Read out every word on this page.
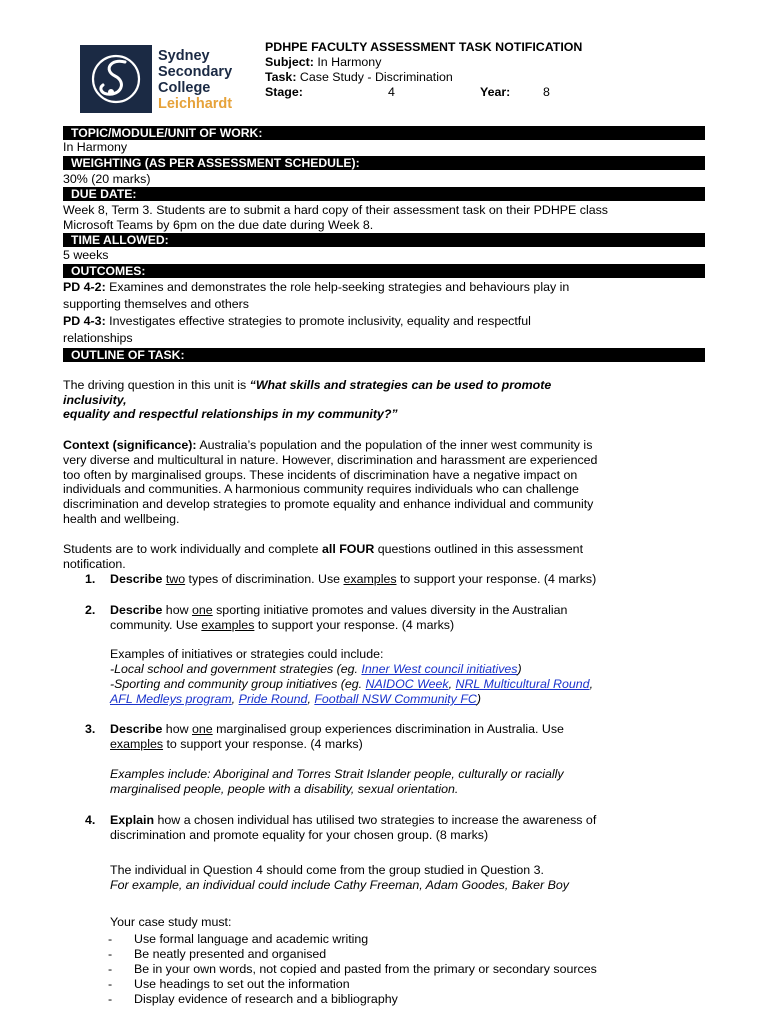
Sydney
Secondary
College
Leichhardt
PDHPE FACULTY ASSESSMENT TASK NOTIFICATION
Subject: In Harmony
Task: Case Study - Discrimination
Stage:	4	Year:	8
TOPIC/MODULE/UNIT OF WORK:
In Harmony
WEIGHTING (AS PER ASSESSMENT SCHEDULE):
30% (20 marks)
DUE DATE:
Week 8, Term 3. Students are to submit a hard copy of their assessment task on their PDHPE class
Microsoft Teams by 6pm on the due date during Week 8.
TIME ALLOWED:
5 weeks
OUTCOMES:
PD 4-2: Examines and demonstrates the role help-seeking strategies and behaviours play in
supporting themselves and others
PD 4-3: Investigates effective strategies to promote inclusivity, equality and respectful
relationships
OUTLINE OF TASK:
The driving question in this unit is “What skills and strategies can be used to promote
inclusivity,
equality and respectful relationships in my community?”
Context (significance): Australia’s population and the population of the inner west community is
very diverse and multicultural in nature. However, discrimination and harassment are experienced
too often by marginalised groups. These incidents of discrimination have a negative impact on
individuals and communities. A harmonious community requires individuals who can challenge
discrimination and develop strategies to promote equality and enhance individual and community
health and wellbeing.
Students are to work individually and complete all FOUR questions outlined in this assessment
notification.
1. Describe two types of discrimination. Use examples to support your response. (4 marks)
2. Describe how one sporting initiative promotes and values diversity in the Australian
community. Use examples to support your response. (4 marks)
Examples of initiatives or strategies could include:
-Local school and government strategies (eg. Inner West council initiatives)
-Sporting and community group initiatives (eg. NAIDOC Week, NRL Multicultural Round,
AFL Medleys program, Pride Round, Football NSW Community FC)
3. Describe how one marginalised group experiences discrimination in Australia. Use
examples to support your response. (4 marks)
Examples include: Aboriginal and Torres Strait Islander people, culturally or racially
marginalised people, people with a disability, sexual orientation.
4. Explain how a chosen individual has utilised two strategies to increase the awareness of
discrimination and promote equality for your chosen group. (8 marks)
The individual in Question 4 should come from the group studied in Question 3.
For example, an individual could include Cathy Freeman, Adam Goodes, Baker Boy
Your case study must:
- Use formal language and academic writing
- Be neatly presented and organised
- Be in your own words, not copied and pasted from the primary or secondary sources
- Use headings to set out the information
- Display evidence of research and a bibliography
